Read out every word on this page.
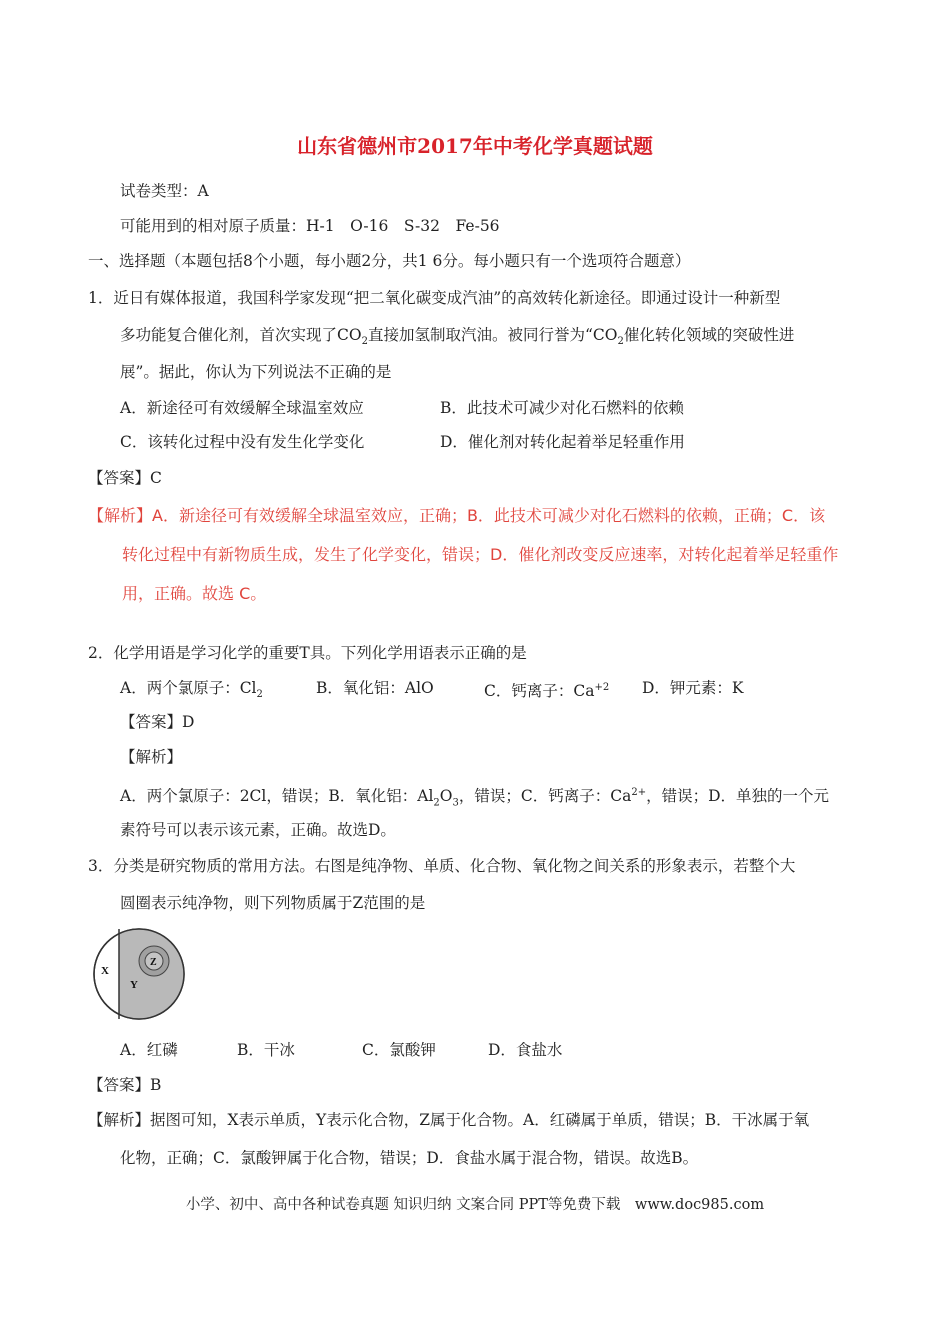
山东省德州市2017年中考化学真题试题
试卷类型：A
可能用到的相对原子质量：H-1　O-16　S-32　Fe-56
一、选择题（本题包括8个小题，每小题2分，共1 6分。每小题只有一个选项符合题意）
1．近日有媒体报道，我国科学家发现“把二氧化碳变成汽油”的高效转化新途径。即通过设计一种新型
多功能复合催化剂，首次实现了$CO_2$直接加氢制取汽油。被同行誉为“$CO_2$催化转化领域的突破性进
展”。据此，你认为下列说法不正确的是
A．新途径可有效缓解全球温室效应	B．此技术可减少对化石燃料的依赖
C．该转化过程中没有发生化学变化	D．催化剂对转化起着举足轻重作用
【答案】C
【解析】A．新途径可有效缓解全球温室效应，正确；B．此技术可减少对化石燃料的依赖，正确；C．该
转化过程中有新物质生成，发生了化学变化，错误；D．催化剂改变反应速率，对转化起着举足轻重作
用，正确。故选 C。
2．化学用语是学习化学的重要Τ具。下列化学用语表示正确的是
A．两个氯原子：$Cl_2$	B．氧化铝：AlO	C．钙离子：$Ca^{+2}$ D．钾元素：K
【答案】D
【解析】
A．两个氯原子：2Cl，错误；B．氧化铝：$Al_2O_3$，错误；C．钙离子：$Ca^{2+}$，错误；D．单独的一个元
素符号可以表示该元素，正确。故选D。
3．分类是研究物质的常用方法。右图是纯净物、单质、化合物、氧化物之间关系的形象表示，若整个大
圆圈表示纯净物，则下列物质属于Z范围的是
X
Y
Z
A．红磷	B．干冰	C．氯酸钾	D．食盐水
【答案】B
【解析】据图可知，X表示单质，Y表示化合物，Z属于化合物。A．红磷属于单质，错误；B．干冰属于氧
化物，正确；C．氯酸钾属于化合物，错误；D．食盐水属于混合物，错误。故选B。
小学、初中、高中各种试卷真题 知识归纳 文案合同 PPT等免费下载　www.doc985.com
